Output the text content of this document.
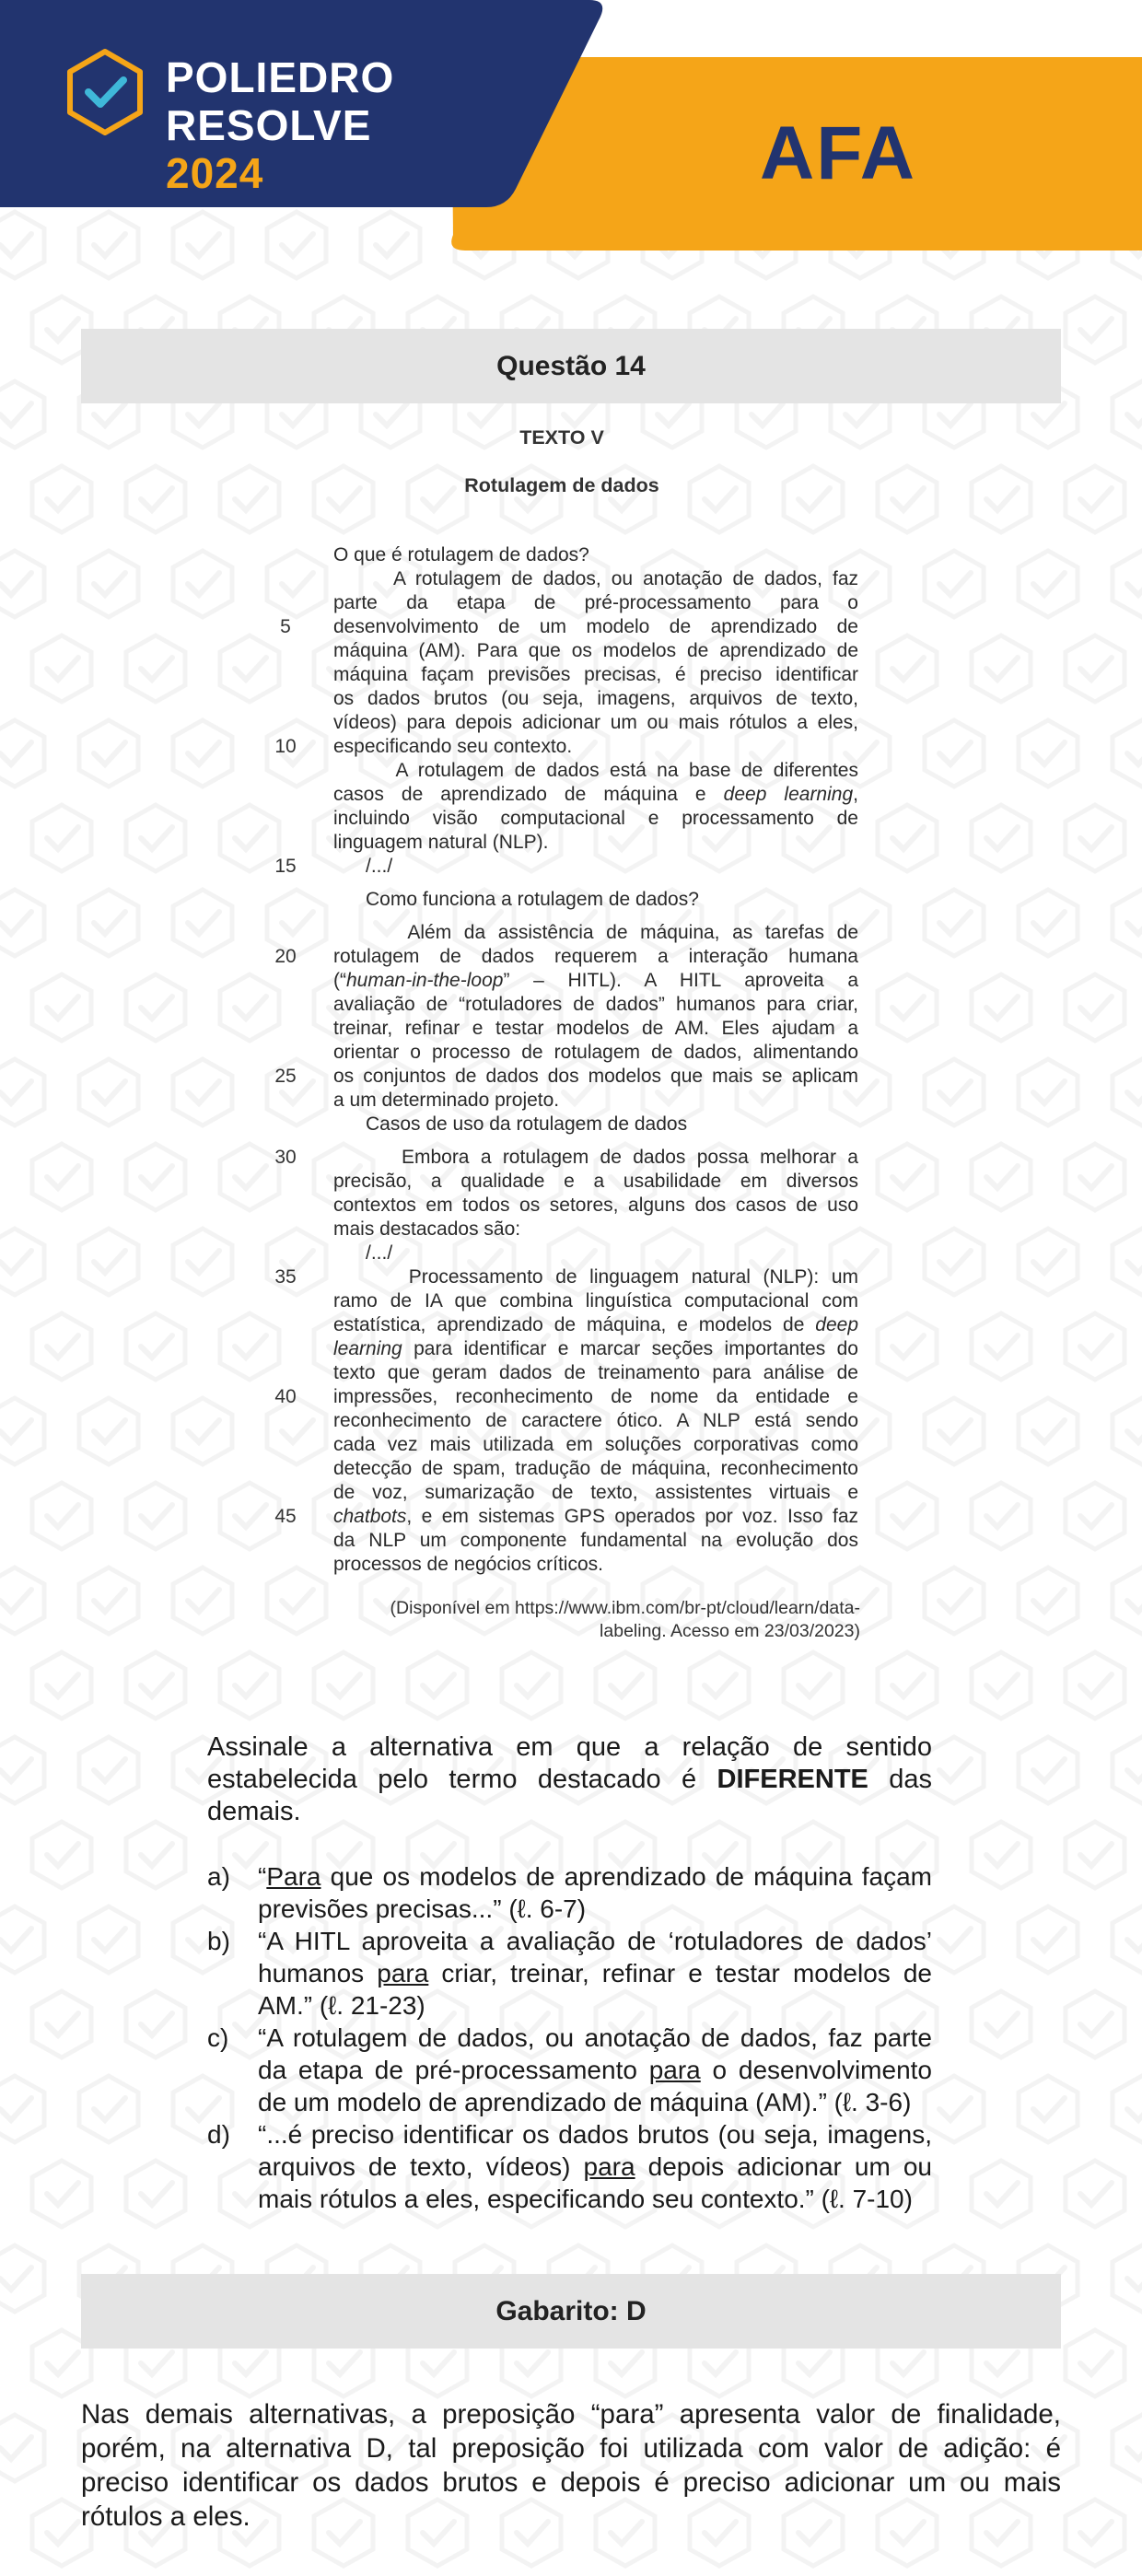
POLIEDRO
RESOLVE
2024	AFA
Questão 14
TEXTO V
Rotulagem de dados
O que é rotulagem de dados?
A rotulagem de dados, ou anotação de dados, faz
parte da etapa de pré-processamento para o
5	desenvolvimento de um modelo de aprendizado de
máquina (AM). Para que os modelos de aprendizado de
máquina façam previsões precisas, é preciso identificar
os dados brutos (ou seja, imagens, arquivos de texto,
vídeos) para depois adicionar um ou mais rótulos a eles,
10	especificando seu contexto.
A rotulagem de dados está na base de diferentes
casos de aprendizado de máquina e deep learning,
incluindo visão computacional e processamento de
linguagem natural (NLP).
15	/.../
Como funciona a rotulagem de dados?
Além da assistência de máquina, as tarefas de
20	rotulagem de dados requerem a interação humana
(“human-in-the-loop” – HITL). A HITL aproveita a
avaliação de “rotuladores de dados” humanos para criar,
treinar, refinar e testar modelos de AM. Eles ajudam a
orientar o processo de rotulagem de dados, alimentando
25	os conjuntos de dados dos modelos que mais se aplicam
a um determinado projeto.
Casos de uso da rotulagem de dados
30	Embora a rotulagem de dados possa melhorar a
precisão, a qualidade e a usabilidade em diversos
contextos em todos os setores, alguns dos casos de uso
mais destacados são:
/.../
35	Processamento de linguagem natural (NLP): um
ramo de IA que combina linguística computacional com
estatística, aprendizado de máquina, e modelos de deep
learning para identificar e marcar seções importantes do
texto que geram dados de treinamento para análise de
40	impressões, reconhecimento de nome da entidade e
reconhecimento de caractere ótico. A NLP está sendo
cada vez mais utilizada em soluções corporativas como
detecção de spam, tradução de máquina, reconhecimento
de voz, sumarização de texto, assistentes virtuais e
45	chatbots, e em sistemas GPS operados por voz. Isso faz
da NLP um componente fundamental na evolução dos
processos de negócios críticos.
(Disponível em https://www.ibm.com/br-pt/cloud/learn/data-
labeling. Acesso em 23/03/2023)
Assinale a alternativa em que a relação de sentido estabelecida pelo termo destacado é DIFERENTE das demais.
a)	“Para que os modelos de aprendizado de máquina façam previsões precisas...” (ℓ. 6-7)
b)	“A HITL aproveita a avaliação de ‘rotuladores de dados’ humanos para criar, treinar, refinar e testar modelos de AM.” (ℓ. 21-23)
c)	“A rotulagem de dados, ou anotação de dados, faz parte da etapa de pré-processamento para o desenvolvimento de um modelo de aprendizado de máquina (AM).” (ℓ. 3-6)
d)	“...é preciso identificar os dados brutos (ou seja, imagens, arquivos de texto, vídeos) para depois adicionar um ou mais rótulos a eles, especificando seu contexto.” (ℓ. 7-10)
Gabarito: D
Nas demais alternativas, a preposição “para” apresenta valor de finalidade, porém, na alternativa D, tal preposição foi utilizada com valor de adição: é preciso identificar os dados brutos e depois é preciso adicionar um ou mais rótulos a eles.
